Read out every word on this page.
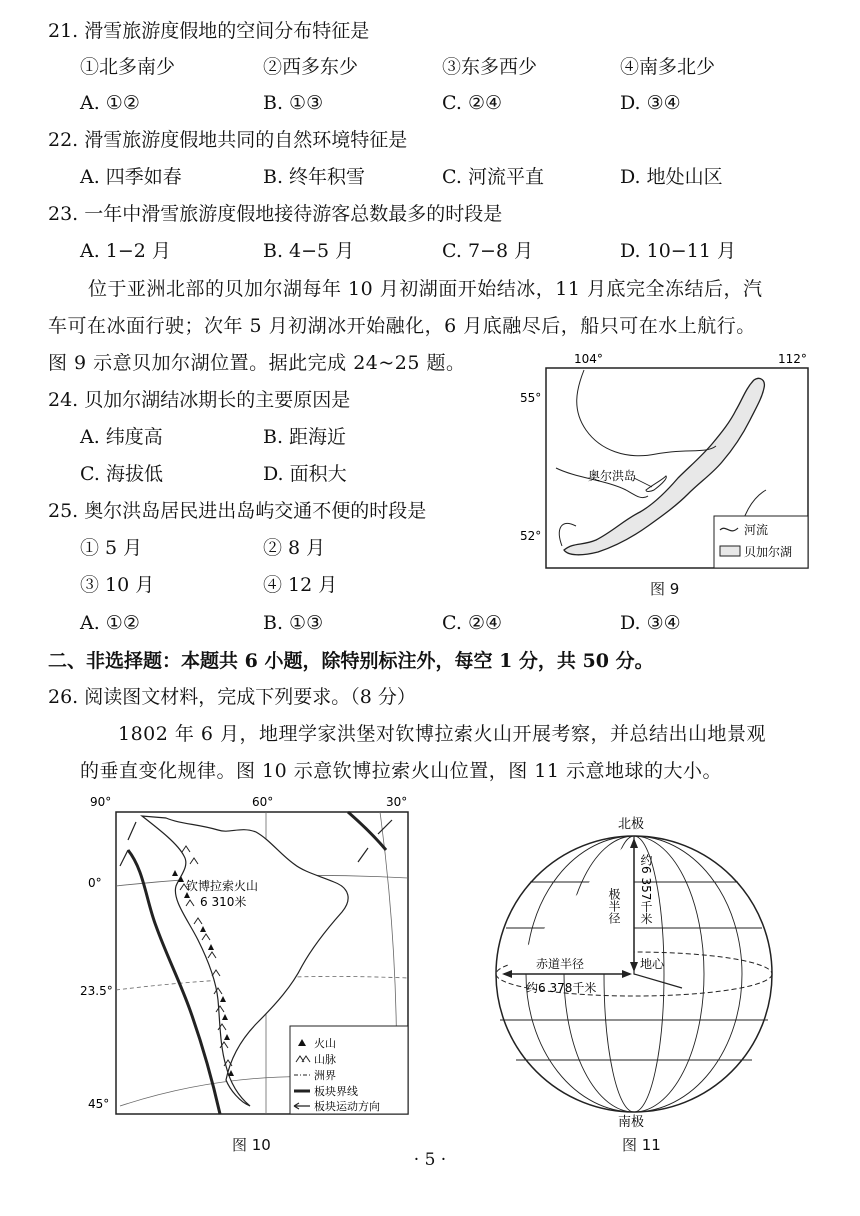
21. 滑雪旅游度假地的空间分布特征是
①北多南少	②西多东少	③东多西少	④南多北少
A. ①②	B. ①③	C. ②④	D. ③④
22. 滑雪旅游度假地共同的自然环境特征是
A. 四季如春	B. 终年积雪	C. 河流平直	D. 地处山区
23. 一年中滑雪旅游度假地接待游客总数最多的时段是
A. 1−2 月	B. 4−5 月	C. 7−8 月	D. 10−11 月
位于亚洲北部的贝加尔湖每年 10 月初湖面开始结冰，11 月底完全冻结后，汽
车可在冰面行驶；次年 5 月初湖冰开始融化，6 月底融尽后，船只可在水上航行。
图 9 示意贝加尔湖位置。据此完成 24~25 题。
24. 贝加尔湖结冰期长的主要原因是
A. 纬度高	B. 距海近
C. 海拔低	D. 面积大
25. 奥尔洪岛居民进出岛屿交通不便的时段是
① 5 月	② 8 月
③ 10 月	④ 12 月
A. ①②	B. ①③	C. ②④	D. ③④
104°	112°
55°
52°
奥尔洪岛
河流
贝加尔湖
图 9
二、非选择题：本题共 6 小题，除特别标注外，每空 1 分，共 50 分。
26. 阅读图文材料，完成下列要求。（8 分）
1802 年 6 月，地理学家洪堡对钦博拉索火山开展考察，并总结出山地景观
的垂直变化规律。图 10 示意钦博拉索火山位置，图 11 示意地球的大小。
90°	60°	30°
0°
23.5°
45°
钦博拉索火山
6 310米
火山
山脉
洲界
板块界线
板块运动方向
图 10
北极
南极
极半径 约6 357千米
赤道半径
约6 378千米
地心
图 11
· 5 ·
